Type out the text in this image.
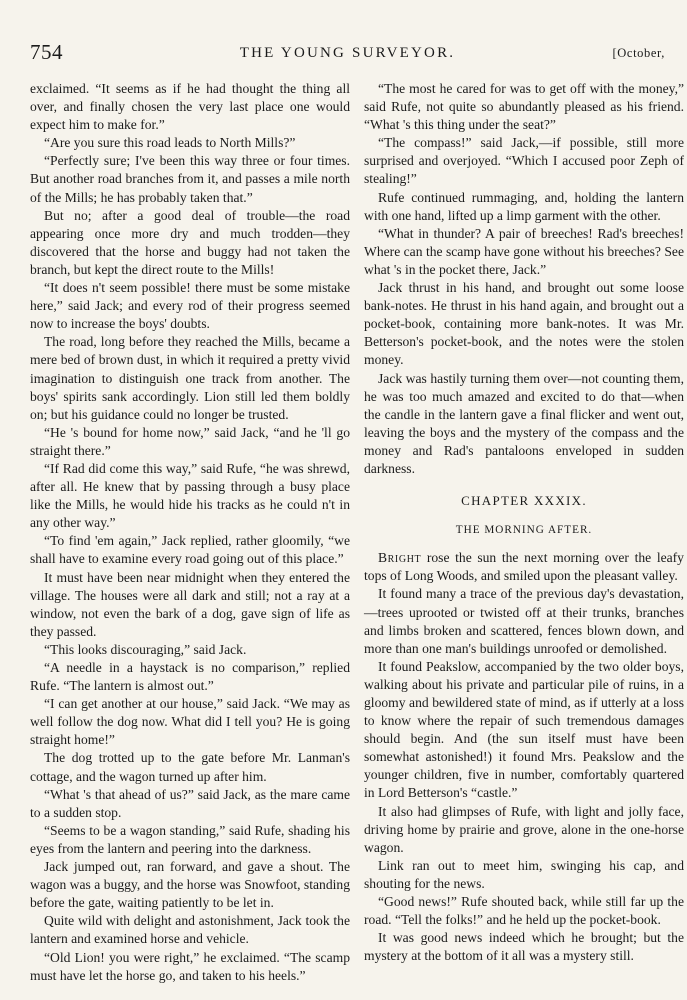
754	THE YOUNG SURVEYOR.	[October,

exclaimed. “It seems as if he had thought the thing all over, and finally chosen the very last place one would expect him to make for.”

“Are you sure this road leads to North Mills?”

“Perfectly sure; I've been this way three or four times. But another road branches from it, and passes a mile north of the Mills; he has probably taken that.”

But no; after a good deal of trouble—the road appearing once more dry and much trodden—they discovered that the horse and buggy had not taken the branch, but kept the direct route to the Mills!

“It does n't seem possible! there must be some mistake here,” said Jack; and every rod of their progress seemed now to increase the boys' doubts.

The road, long before they reached the Mills, became a mere bed of brown dust, in which it required a pretty vivid imagination to distinguish one track from another. The boys' spirits sank accordingly. Lion still led them boldly on; but his guidance could no longer be trusted.

“He 's bound for home now,” said Jack, “and he 'll go straight there.”

“If Rad did come this way,” said Rufe, “he was shrewd, after all. He knew that by passing through a busy place like the Mills, he would hide his tracks as he could n't in any other way.”

“To find 'em again,” Jack replied, rather gloomily, “we shall have to examine every road going out of this place.”

It must have been near midnight when they entered the village. The houses were all dark and still; not a ray at a window, not even the bark of a dog, gave sign of life as they passed.

“This looks discouraging,” said Jack.

“A needle in a haystack is no comparison,” replied Rufe. “The lantern is almost out.”

“I can get another at our house,” said Jack. “We may as well follow the dog now. What did I tell you? He is going straight home!”

The dog trotted up to the gate before Mr. Lanman's cottage, and the wagon turned up after him.

“What 's that ahead of us?” said Jack, as the mare came to a sudden stop.

“Seems to be a wagon standing,” said Rufe, shading his eyes from the lantern and peering into the darkness.

Jack jumped out, ran forward, and gave a shout. The wagon was a buggy, and the horse was Snowfoot, standing before the gate, waiting patiently to be let in.

Quite wild with delight and astonishment, Jack took the lantern and examined horse and vehicle.

“Old Lion! you were right,” he exclaimed. “The scamp must have let the horse go, and taken to his heels.”

“The most he cared for was to get off with the money,” said Rufe, not quite so abundantly pleased as his friend. “What 's this thing under the seat?”

“The compass!” said Jack,—if possible, still more surprised and overjoyed. “Which I accused poor Zeph of stealing!”

Rufe continued rummaging, and, holding the lantern with one hand, lifted up a limp garment with the other.

“What in thunder? A pair of breeches! Rad's breeches! Where can the scamp have gone without his breeches? See what 's in the pocket there, Jack.”

Jack thrust in his hand, and brought out some loose bank-notes. He thrust in his hand again, and brought out a pocket-book, containing more bank-notes. It was Mr. Betterson's pocket-book, and the notes were the stolen money.

Jack was hastily turning them over—not counting them, he was too much amazed and excited to do that—when the candle in the lantern gave a final flicker and went out, leaving the boys and the mystery of the compass and the money and Rad's pantaloons enveloped in sudden darkness.

CHAPTER XXXIX.
THE MORNING AFTER.

Bright rose the sun the next morning over the leafy tops of Long Woods, and smiled upon the pleasant valley.

It found many a trace of the previous day's devastation,—trees uprooted or twisted off at their trunks, branches and limbs broken and scattered, fences blown down, and more than one man's buildings unroofed or demolished.

It found Peakslow, accompanied by the two older boys, walking about his private and particular pile of ruins, in a gloomy and bewildered state of mind, as if utterly at a loss to know where the repair of such tremendous damages should begin. And (the sun itself must have been somewhat astonished!) it found Mrs. Peakslow and the younger children, five in number, comfortably quartered in Lord Betterson's “castle.”

It also had glimpses of Rufe, with light and jolly face, driving home by prairie and grove, alone in the one-horse wagon.

Link ran out to meet him, swinging his cap, and shouting for the news.

“Good news!” Rufe shouted back, while still far up the road. “Tell the folks!” and he held up the pocket-book.

It was good news indeed which he brought; but the mystery at the bottom of it all was a mystery still.
